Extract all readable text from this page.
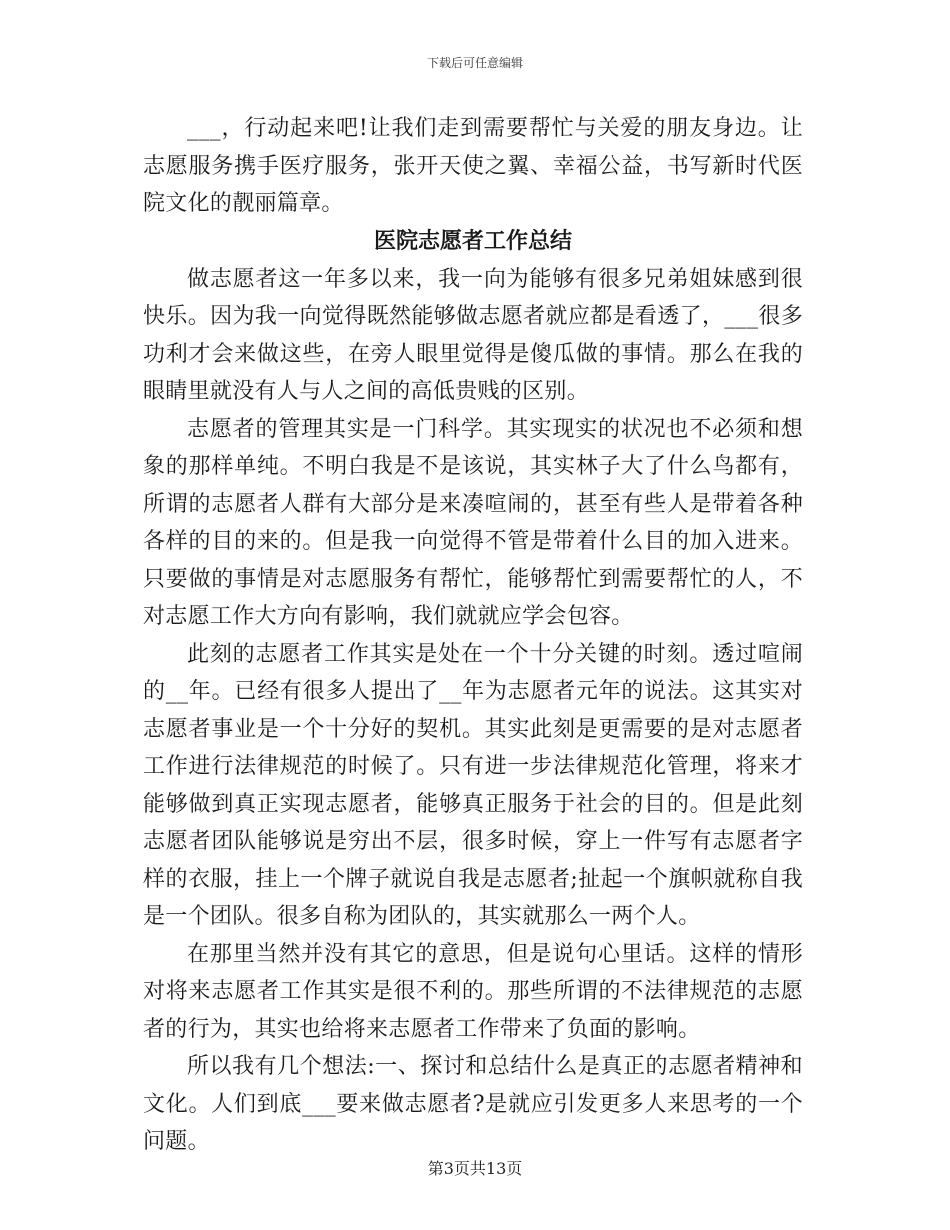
下载后可任意编辑

___，行动起来吧!让我们走到需要帮忙与关爱的朋友身边。让志愿服务携手医疗服务，张开天使之翼、幸福公益，书写新时代医院文化的靓丽篇章。

医院志愿者工作总结

做志愿者这一年多以来，我一向为能够有很多兄弟姐妹感到很快乐。因为我一向觉得既然能够做志愿者就应都是看透了，___很多功利才会来做这些，在旁人眼里觉得是傻瓜做的事情。那么在我的眼睛里就没有人与人之间的高低贵贱的区别。

志愿者的管理其实是一门科学。其实现实的状况也不必须和想象的那样单纯。不明白我是不是该说，其实林子大了什么鸟都有，所谓的志愿者人群有大部分是来凑喧闹的，甚至有些人是带着各种各样的目的来的。但是我一向觉得不管是带着什么目的加入进来。只要做的事情是对志愿服务有帮忙，能够帮忙到需要帮忙的人，不对志愿工作大方向有影响，我们就就应学会包容。

此刻的志愿者工作其实是处在一个十分关键的时刻。透过喧闹的__年。已经有很多人提出了__年为志愿者元年的说法。这其实对志愿者事业是一个十分好的契机。其实此刻是更需要的是对志愿者工作进行法律规范的时候了。只有进一步法律规范化管理，将来才能够做到真正实现志愿者，能够真正服务于社会的目的。但是此刻志愿者团队能够说是穷出不层，很多时候，穿上一件写有志愿者字样的衣服，挂上一个牌子就说自我是志愿者;扯起一个旗帜就称自我是一个团队。很多自称为团队的，其实就那么一两个人。

在那里当然并没有其它的意思，但是说句心里话。这样的情形对将来志愿者工作其实是很不利的。那些所谓的不法律规范的志愿者的行为，其实也给将来志愿者工作带来了负面的影响。

所以我有几个想法:一、探讨和总结什么是真正的志愿者精神和文化。人们到底___要来做志愿者?是就应引发更多人来思考的一个问题。

第3页共13页
